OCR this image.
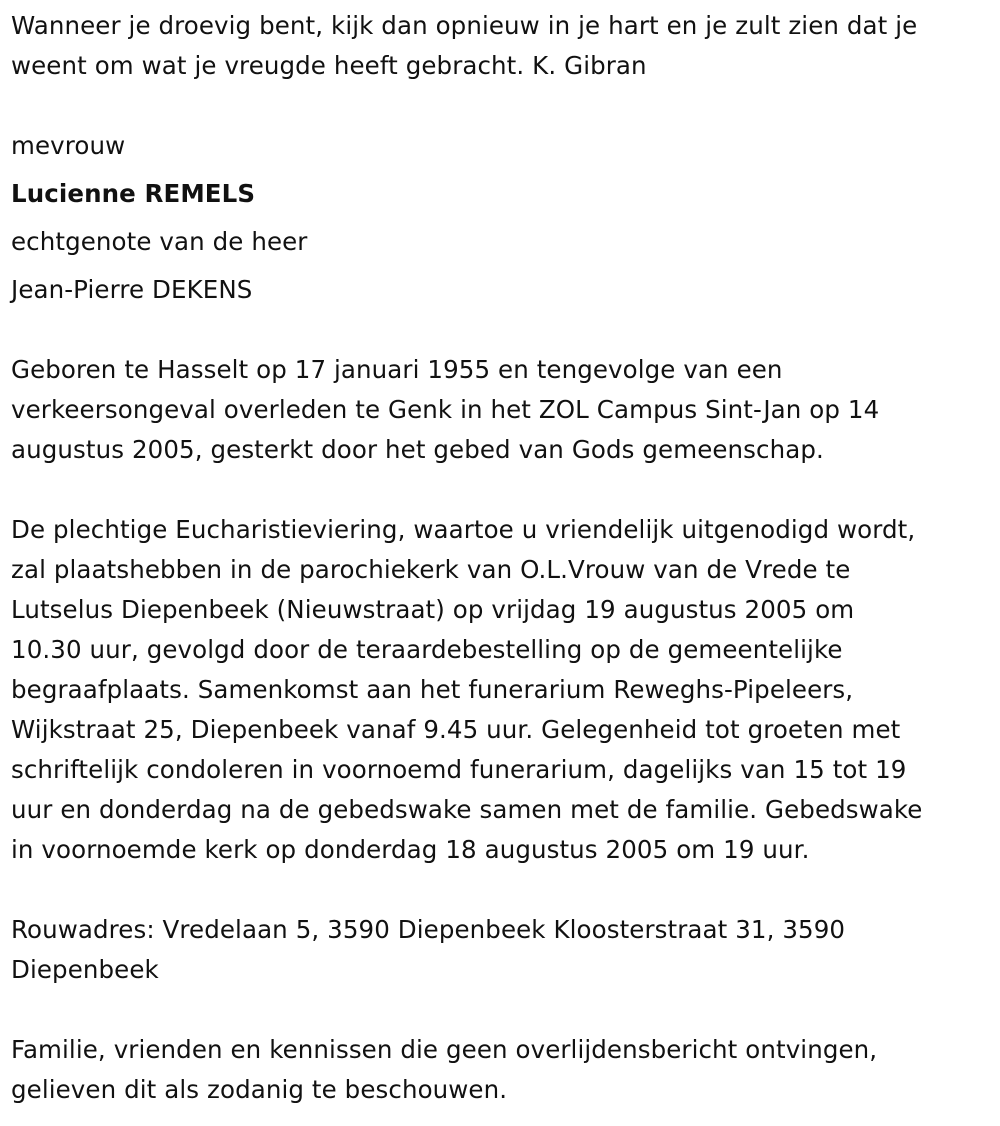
Wanneer je droevig bent, kijk dan opnieuw in je hart en je zult zien dat je
weent om wat je vreugde heeft gebracht. K. Gibran
mevrouw
Lucienne REMELS
echtgenote van de heer
Jean-Pierre DEKENS
Geboren te Hasselt op 17 januari 1955 en tengevolge van een
verkeersongeval overleden te Genk in het ZOL Campus Sint-Jan op 14
augustus 2005, gesterkt door het gebed van Gods gemeenschap.
De plechtige Eucharistieviering, waartoe u vriendelijk uitgenodigd wordt,
zal plaatshebben in de parochiekerk van O.L.Vrouw van de Vrede te
Lutselus Diepenbeek (Nieuwstraat) op vrijdag 19 augustus 2005 om
10.30 uur, gevolgd door de teraardebestelling op de gemeentelijke
begraafplaats. Samenkomst aan het funerarium Reweghs-Pipeleers,
Wijkstraat 25, Diepenbeek vanaf 9.45 uur. Gelegenheid tot groeten met
schriftelijk condoleren in voornoemd funerarium, dagelijks van 15 tot 19
uur en donderdag na de gebedswake samen met de familie. Gebedswake
in voornoemde kerk op donderdag 18 augustus 2005 om 19 uur.
Rouwadres: Vredelaan 5, 3590 Diepenbeek Kloosterstraat 31, 3590
Diepenbeek
Familie, vrienden en kennissen die geen overlijdensbericht ontvingen,
gelieven dit als zodanig te beschouwen.
